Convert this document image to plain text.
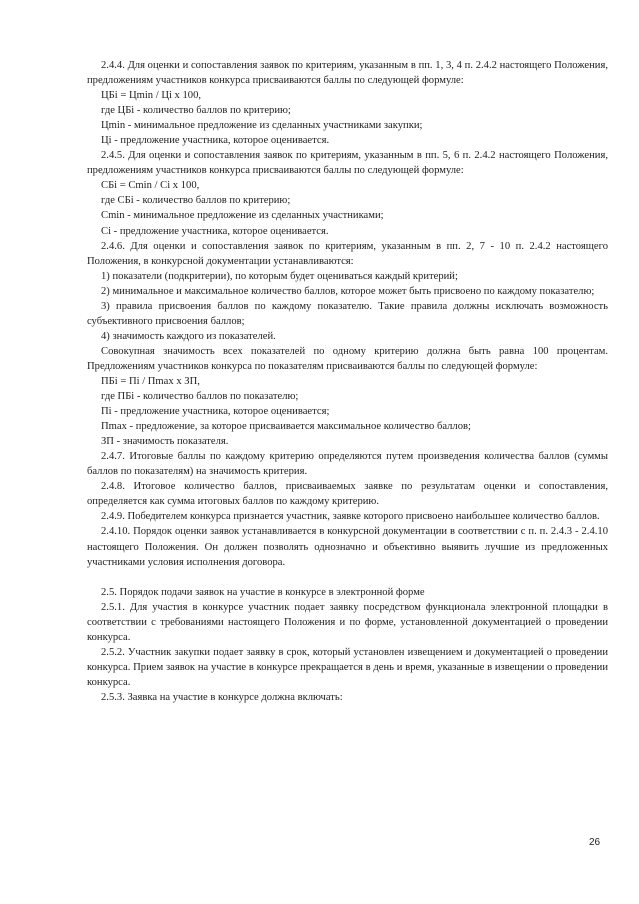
2.4.4. Для оценки и сопоставления заявок по критериям, указанным в пп. 1, 3, 4 п. 2.4.2 настоящего Положения, предложениям участников конкурса присваиваются баллы по следующей формуле:

ЦБi = Цmin / Цi х 100,

где ЦБi - количество баллов по критерию;

Цmin - минимальное предложение из сделанных участниками закупки;

Цi - предложение участника, которое оценивается.

2.4.5. Для оценки и сопоставления заявок по критериям, указанным в пп. 5, 6 п. 2.4.2 настоящего Положения, предложениям участников конкурса присваиваются баллы по следующей формуле:

СБi = Cmin / Ci х 100,

где СБi - количество баллов по критерию;

Cmin - минимальное предложение из сделанных участниками;

Ci - предложение участника, которое оценивается.

2.4.6. Для оценки и сопоставления заявок по критериям, указанным в пп. 2, 7 - 10 п. 2.4.2 настоящего Положения, в конкурсной документации устанавливаются:

1) показатели (подкритерии), по которым будет оцениваться каждый критерий;

2) минимальное и максимальное количество баллов, которое может быть присвоено по каждому показателю;

3) правила присвоения баллов по каждому показателю. Такие правила должны исключать возможность субъективного присвоения баллов;

4) значимость каждого из показателей.

Совокупная значимость всех показателей по одному критерию должна быть равна 100 процентам. Предложениям участников конкурса по показателям присваиваются баллы по следующей формуле:

ПБi = Пi / Пmax х ЗП,

где ПБi - количество баллов по показателю;

Пi - предложение участника, которое оценивается;

Пmax - предложение, за которое присваивается максимальное количество баллов;

ЗП - значимость показателя.

2.4.7. Итоговые баллы по каждому критерию определяются путем произведения количества баллов (суммы баллов по показателям) на значимость критерия.

2.4.8. Итоговое количество баллов, присваиваемых заявке по результатам оценки и сопоставления, определяется как сумма итоговых баллов по каждому критерию.

2.4.9. Победителем конкурса признается участник, заявке которого присвоено наибольшее количество баллов.

2.4.10. Порядок оценки заявок устанавливается в конкурсной документации в соответствии с п. п. 2.4.3 - 2.4.10 настоящего Положения. Он должен позволять однозначно и объективно выявить лучшие из предложенных участниками условия исполнения договора.

2.5. Порядок подачи заявок на участие в конкурсе в электронной форме

2.5.1. Для участия в конкурсе участник подает заявку посредством функционала электронной площадки в соответствии с требованиями настоящего Положения и по форме, установленной документацией о проведении конкурса.

2.5.2. Участник закупки подает заявку в срок, который установлен извещением и документацией о проведении конкурса. Прием заявок на участие в конкурсе прекращается в день и время, указанные в извещении о проведении конкурса.

2.5.3. Заявка на участие в конкурсе должна включать:

26
